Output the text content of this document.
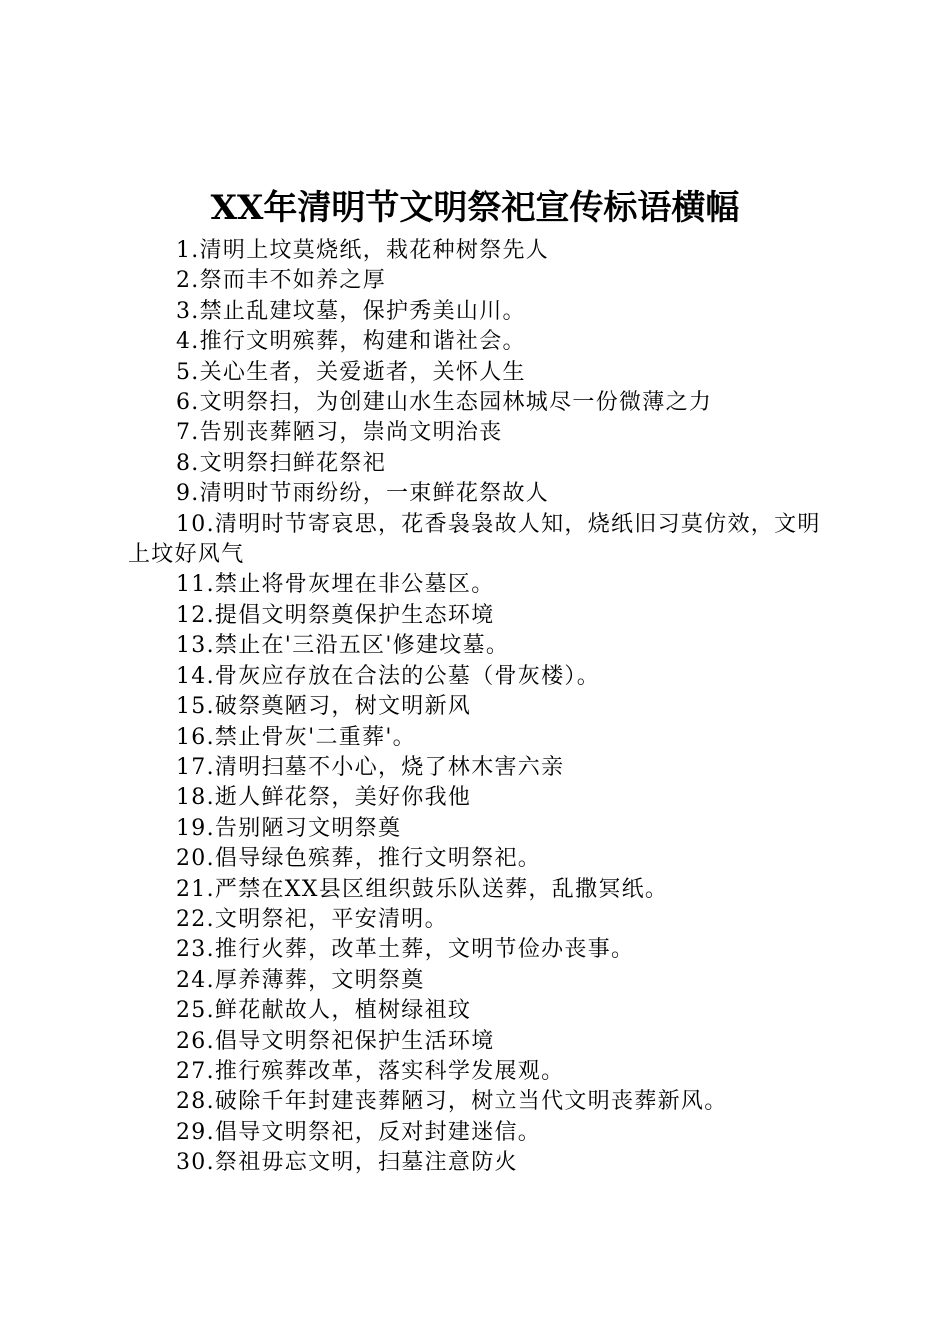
XX年清明节文明祭祀宣传标语横幅
1.清明上坟莫烧纸，栽花种树祭先人
2.祭而丰不如养之厚
3.禁止乱建坟墓，保护秀美山川。
4.推行文明殡葬，构建和谐社会。
5.关心生者，关爱逝者，关怀人生
6.文明祭扫，为创建山水生态园林城尽一份微薄之力
7.告别丧葬陋习，崇尚文明治丧
8.文明祭扫鲜花祭祀
9.清明时节雨纷纷，一束鲜花祭故人
10.清明时节寄哀思，花香袅袅故人知，烧纸旧习莫仿效，文明上坟好风气
11.禁止将骨灰埋在非公墓区。
12.提倡文明祭奠保护生态环境
13.禁止在'三沿五区'修建坟墓。
14.骨灰应存放在合法的公墓（骨灰楼）。
15.破祭奠陋习，树文明新风
16.禁止骨灰'二重葬'。
17.清明扫墓不小心，烧了林木害六亲
18.逝人鲜花祭，美好你我他
19.告别陋习文明祭奠
20.倡导绿色殡葬，推行文明祭祀。
21.严禁在XX县区组织鼓乐队送葬，乱撒冥纸。
22.文明祭祀，平安清明。
23.推行火葬，改革土葬，文明节俭办丧事。
24.厚养薄葬，文明祭奠
25.鲜花献故人，植树绿祖玟
26.倡导文明祭祀保护生活环境
27.推行殡葬改革，落实科学发展观。
28.破除千年封建丧葬陋习，树立当代文明丧葬新风。
29.倡导文明祭祀，反对封建迷信。
30.祭祖毋忘文明，扫墓注意防火
